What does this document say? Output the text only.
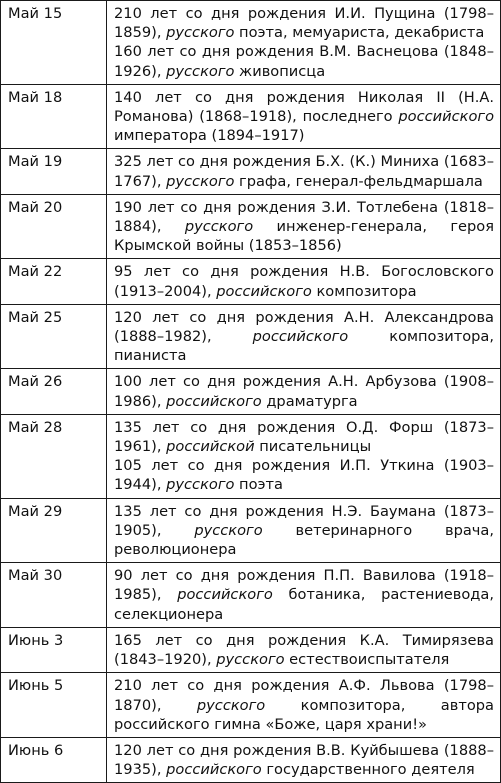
Май 15	210 лет со дня рождения И.И. Пущина (1798–1859), русского поэта, мемуариста, декабриста
160 лет со дня рождения В.М. Васнецова (1848–1926), русского живописца

Май 18	140 лет со дня рождения Николая II (Н.А. Романова) (1868–1918), последнего российского императора (1894–1917)

Май 19	325 лет со дня рождения Б.Х. (К.) Миниха (1683–1767), русского графа, генерал-фельдмаршала

Май 20	190 лет со дня рождения З.И. Тотлебена (1818–1884), русского инженер-генерала, героя Крымской войны (1853–1856)

Май 22	95 лет со дня рождения Н.В. Богословского (1913–2004), российского композитора

Май 25	120 лет со дня рождения А.Н. Александрова (1888–1982), российского композитора, пианиста

Май 26	100 лет со дня рождения А.Н. Арбузова (1908–1986), российского драматурга

Май 28	135 лет со дня рождения О.Д. Форш (1873–1961), российской писательницы
105 лет со дня рождения И.П. Уткина (1903–1944), русского поэта

Май 29	135 лет со дня рождения Н.Э. Баумана (1873–1905), русского ветеринарного врача, революционера

Май 30	90 лет со дня рождения П.П. Вавилова (1918–1985), российского ботаника, растениевода, селекционера

Июнь 3	165 лет со дня рождения К.А. Тимирязева (1843–1920), русского естествоиспытателя

Июнь 5	210 лет со дня рождения А.Ф. Львова (1798–1870), русского композитора, автора российского гимна «Боже, царя храни!»

Июнь 6	120 лет со дня рождения В.В. Куйбышева (1888–1935), российского государственного деятеля
